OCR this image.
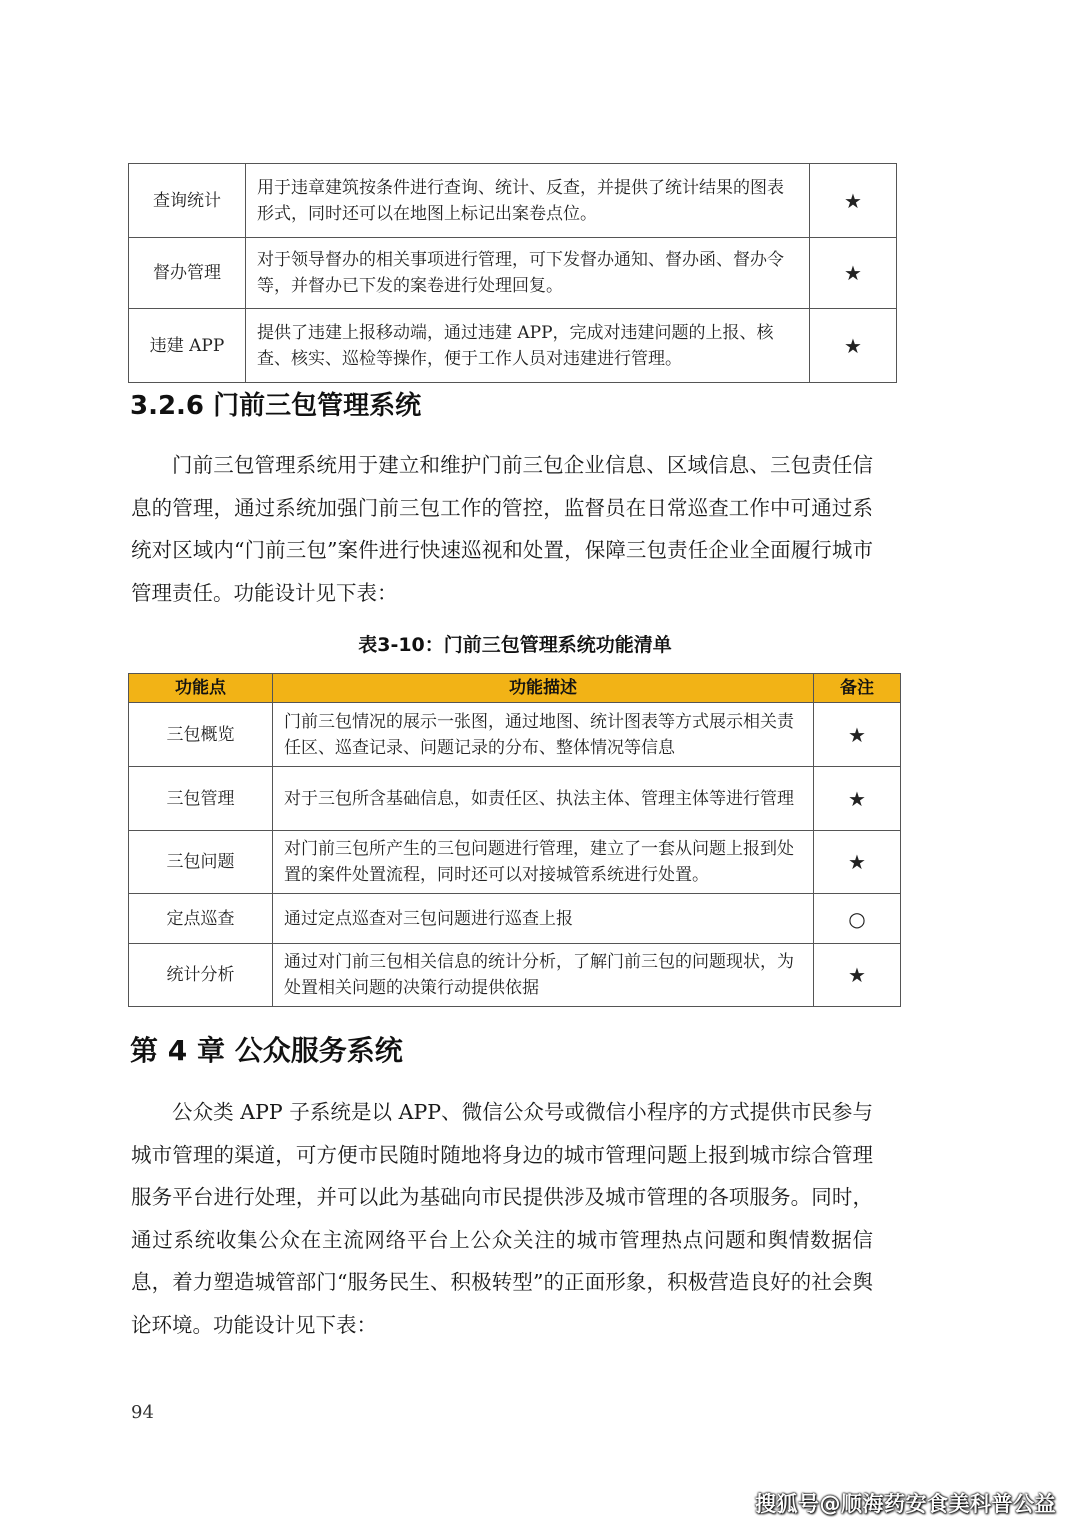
查询统计	用于违章建筑按条件进行查询、统计、反查，并提供了统计结果的图表形式，同时还可以在地图上标记出案卷点位。	★
督办管理	对于领导督办的相关事项进行管理，可下发督办通知、督办函、督办令等，并督办已下发的案卷进行处理回复。	★
违建 APP	提供了违建上报移动端，通过违建 APP，完成对违建问题的上报、核查、核实、巡检等操作，便于工作人员对违建进行管理。	★
3.2.6 门前三包管理系统

门前三包管理系统用于建立和维护门前三包企业信息、区域信息、三包责任信息的管理，通过系统加强门前三包工作的管控，监督员在日常巡查工作中可通过系统对区域内“门前三包”案件进行快速巡视和处置，保障三包责任企业全面履行城市管理责任。功能设计见下表：

表3-10：门前三包管理系统功能清单

功能点	功能描述	备注
三包概览	门前三包情况的展示一张图，通过地图、统计图表等方式展示相关责任区、巡查记录、问题记录的分布、整体情况等信息	★
三包管理	对于三包所含基础信息，如责任区、执法主体、管理主体等进行管理	★
三包问题	对门前三包所产生的三包问题进行管理，建立了一套从问题上报到处置的案件处置流程，同时还可以对接城管系统进行处置。	★
定点巡查	通过定点巡查对三包问题进行巡查上报	○
统计分析	通过对门前三包相关信息的统计分析，了解门前三包的问题现状，为处置相关问题的决策行动提供依据	★
第 4 章 公众服务系统

公众类 APP 子系统是以 APP、微信公众号或微信小程序的方式提供市民参与城市管理的渠道，可方便市民随时随地将身边的城市管理问题上报到城市综合管理服务平台进行处理，并可以此为基础向市民提供涉及城市管理的各项服务。同时，通过系统收集公众在主流网络平台上公众关注的城市管理热点问题和舆情数据信息，着力塑造城管部门“服务民生、积极转型”的正面形象，积极营造良好的社会舆论环境。功能设计见下表：

94
搜狐号@顺海药安食美科普公益
